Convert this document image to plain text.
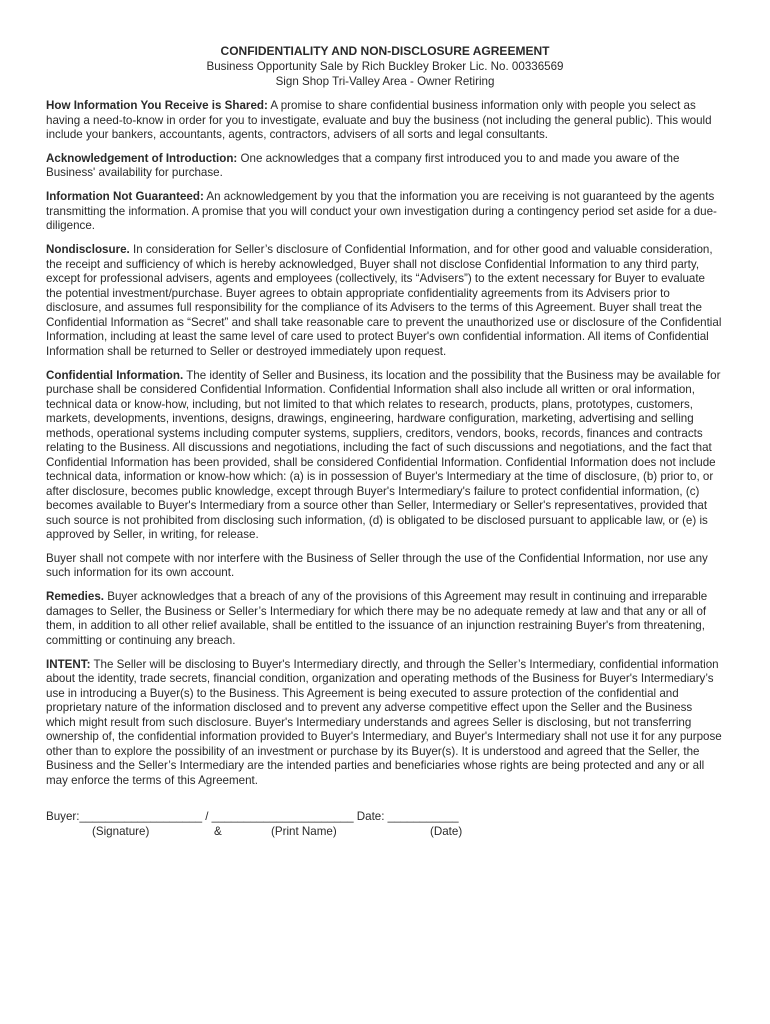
CONFIDENTIALITY AND NON-DISCLOSURE AGREEMENT
Business Opportunity Sale by Rich Buckley Broker Lic. No. 00336569
Sign Shop Tri-Valley Area - Owner Retiring

How Information You Receive is Shared: A promise to share confidential business information only with people you select as having a need-to-know in order for you to investigate, evaluate and buy the business (not including the general public). This would include your bankers, accountants, agents, contractors, advisers of all sorts and legal consultants.

Acknowledgement of Introduction: One acknowledges that a company first introduced you to and made you aware of the Business' availability for purchase.

Information Not Guaranteed: An acknowledgement by you that the information you are receiving is not guaranteed by the agents transmitting the information. A promise that you will conduct your own investigation during a contingency period set aside for a due-diligence.

Nondisclosure. In consideration for Seller’s disclosure of Confidential Information, and for other good and valuable consideration, the receipt and sufficiency of which is hereby acknowledged, Buyer shall not disclose Confidential Information to any third party, except for professional advisers, agents and employees (collectively, its “Advisers”) to the extent necessary for Buyer to evaluate the potential investment/purchase. Buyer agrees to obtain appropriate confidentiality agreements from its Advisers prior to disclosure, and assumes full responsibility for the compliance of its Advisers to the terms of this Agreement. Buyer shall treat the Confidential Information as “Secret” and shall take reasonable care to prevent the unauthorized use or disclosure of the Confidential Information, including at least the same level of care used to protect Buyer's own confidential information. All items of Confidential Information shall be returned to Seller or destroyed immediately upon request.

Confidential Information. The identity of Seller and Business, its location and the possibility that the Business may be available for purchase shall be considered Confidential Information. Confidential Information shall also include all written or oral information, technical data or know-how, including, but not limited to that which relates to research, products, plans, prototypes, customers, markets, developments, inventions, designs, drawings, engineering, hardware configuration, marketing, advertising and selling methods, operational systems including computer systems, suppliers, creditors, vendors, books, records, finances and contracts relating to the Business. All discussions and negotiations, including the fact of such discussions and negotiations, and the fact that Confidential Information has been provided, shall be considered Confidential Information. Confidential Information does not include technical data, information or know-how which: (a) is in possession of Buyer's Intermediary at the time of disclosure, (b) prior to, or after disclosure, becomes public knowledge, except through Buyer's Intermediary's failure to protect confidential information, (c) becomes available to Buyer's Intermediary from a source other than Seller, Intermediary or Seller's representatives, provided that such source is not prohibited from disclosing such information, (d) is obligated to be disclosed pursuant to applicable law, or (e) is approved by Seller, in writing, for release.

Buyer shall not compete with nor interfere with the Business of Seller through the use of the Confidential Information, nor use any such information for its own account.

Remedies. Buyer acknowledges that a breach of any of the provisions of this Agreement may result in continuing and irreparable damages to Seller, the Business or Seller’s Intermediary for which there may be no adequate remedy at law and that any or all of them, in addition to all other relief available, shall be entitled to the issuance of an injunction restraining Buyer's from threatening, committing or continuing any breach.

INTENT: The Seller will be disclosing to Buyer's Intermediary directly, and through the Seller’s Intermediary, confidential information about the identity, trade secrets, financial condition, organization and operating methods of the Business for Buyer's Intermediary’s use in introducing a Buyer(s) to the Business. This Agreement is being executed to assure protection of the confidential and proprietary nature of the information disclosed and to prevent any adverse competitive effect upon the Seller and the Business which might result from such disclosure. Buyer's Intermediary understands and agrees Seller is disclosing, but not transferring ownership of, the confidential information provided to Buyer's Intermediary, and Buyer's Intermediary shall not use it for any purpose other than to explore the possibility of an investment or purchase by its Buyer(s). It is understood and agreed that the Seller, the Business and the Seller’s Intermediary are the intended parties and beneficiaries whose rights are being protected and any or all may enforce the terms of this Agreement.

Buyer:___________________ / ______________________ Date: ___________
(Signature)	&	(Print Name)	(Date)
